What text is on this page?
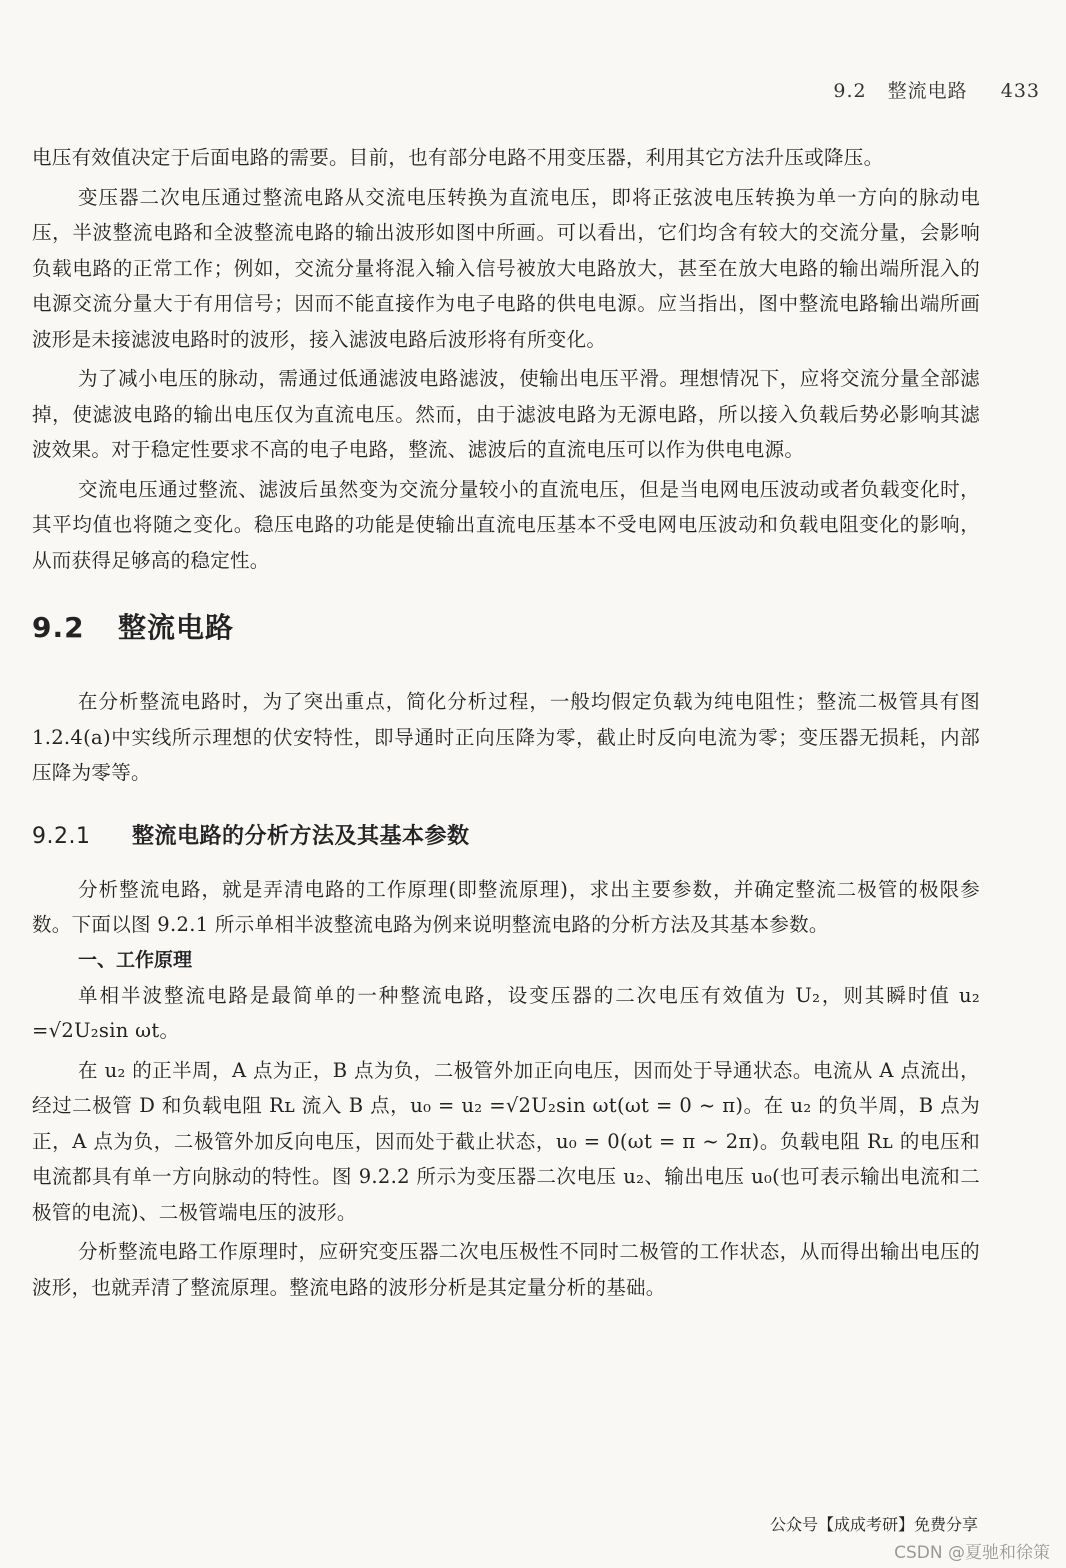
9.2 整流电路 433

电压有效值决定于后面电路的需要。目前，也有部分电路不用变压器，利用其它方法升压或降压。

变压器二次电压通过整流电路从交流电压转换为直流电压，即将正弦波电压转换为单一方向的脉动电压，半波整流电路和全波整流电路的输出波形如图中所画。可以看出，它们均含有较大的交流分量，会影响负载电路的正常工作；例如，交流分量将混入输入信号被放大电路放大，甚至在放大电路的输出端所混入的电源交流分量大于有用信号；因而不能直接作为电子电路的供电电源。应当指出，图中整流电路输出端所画波形是未接滤波电路时的波形，接入滤波电路后波形将有所变化。

为了减小电压的脉动，需通过低通滤波电路滤波，使输出电压平滑。理想情况下，应将交流分量全部滤掉，使滤波电路的输出电压仅为直流电压。然而，由于滤波电路为无源电路，所以接入负载后势必影响其滤波效果。对于稳定性要求不高的电子电路，整流、滤波后的直流电压可以作为供电电源。

交流电压通过整流、滤波后虽然变为交流分量较小的直流电压，但是当电网电压波动或者负载变化时，其平均值也将随之变化。稳压电路的功能是使输出直流电压基本不受电网电压波动和负载电阻变化的影响，从而获得足够高的稳定性。

9.2 整流电路

在分析整流电路时，为了突出重点，简化分析过程，一般均假定负载为纯电阻性；整流二极管具有图 1.2.4(a)中实线所示理想的伏安特性，即导通时正向压降为零，截止时反向电流为零；变压器无损耗，内部压降为零等。

9.2.1 整流电路的分析方法及其基本参数

分析整流电路，就是弄清电路的工作原理(即整流原理)，求出主要参数，并确定整流二极管的极限参数。下面以图 9.2.1 所示单相半波整流电路为例来说明整流电路的分析方法及其基本参数。

一、工作原理

单相半波整流电路是最简单的一种整流电路，设变压器的二次电压有效值为 U₂，则其瞬时值 u₂ =√2U₂sin ωt。

在 u₂ 的正半周，A 点为正，B 点为负，二极管外加正向电压，因而处于导通状态。电流从 A 点流出，经过二极管 D 和负载电阻 Rʟ 流入 B 点，u₀ = u₂ =√2U₂sin ωt(ωt = 0 ~ π)。在 u₂ 的负半周，B 点为正，A 点为负，二极管外加反向电压，因而处于截止状态，u₀ = 0(ωt = π ~ 2π)。负载电阻 Rʟ 的电压和电流都具有单一方向脉动的特性。图 9.2.2 所示为变压器二次电压 u₂、输出电压 u₀(也可表示输出电流和二极管的电流)、二极管端电压的波形。

分析整流电路工作原理时，应研究变压器二次电压极性不同时二极管的工作状态，从而得出输出电压的波形，也就弄清了整流原理。整流电路的波形分析是其定量分析的基础。

公众号【成成考研】免费分享
CSDN @夏驰和徐策
